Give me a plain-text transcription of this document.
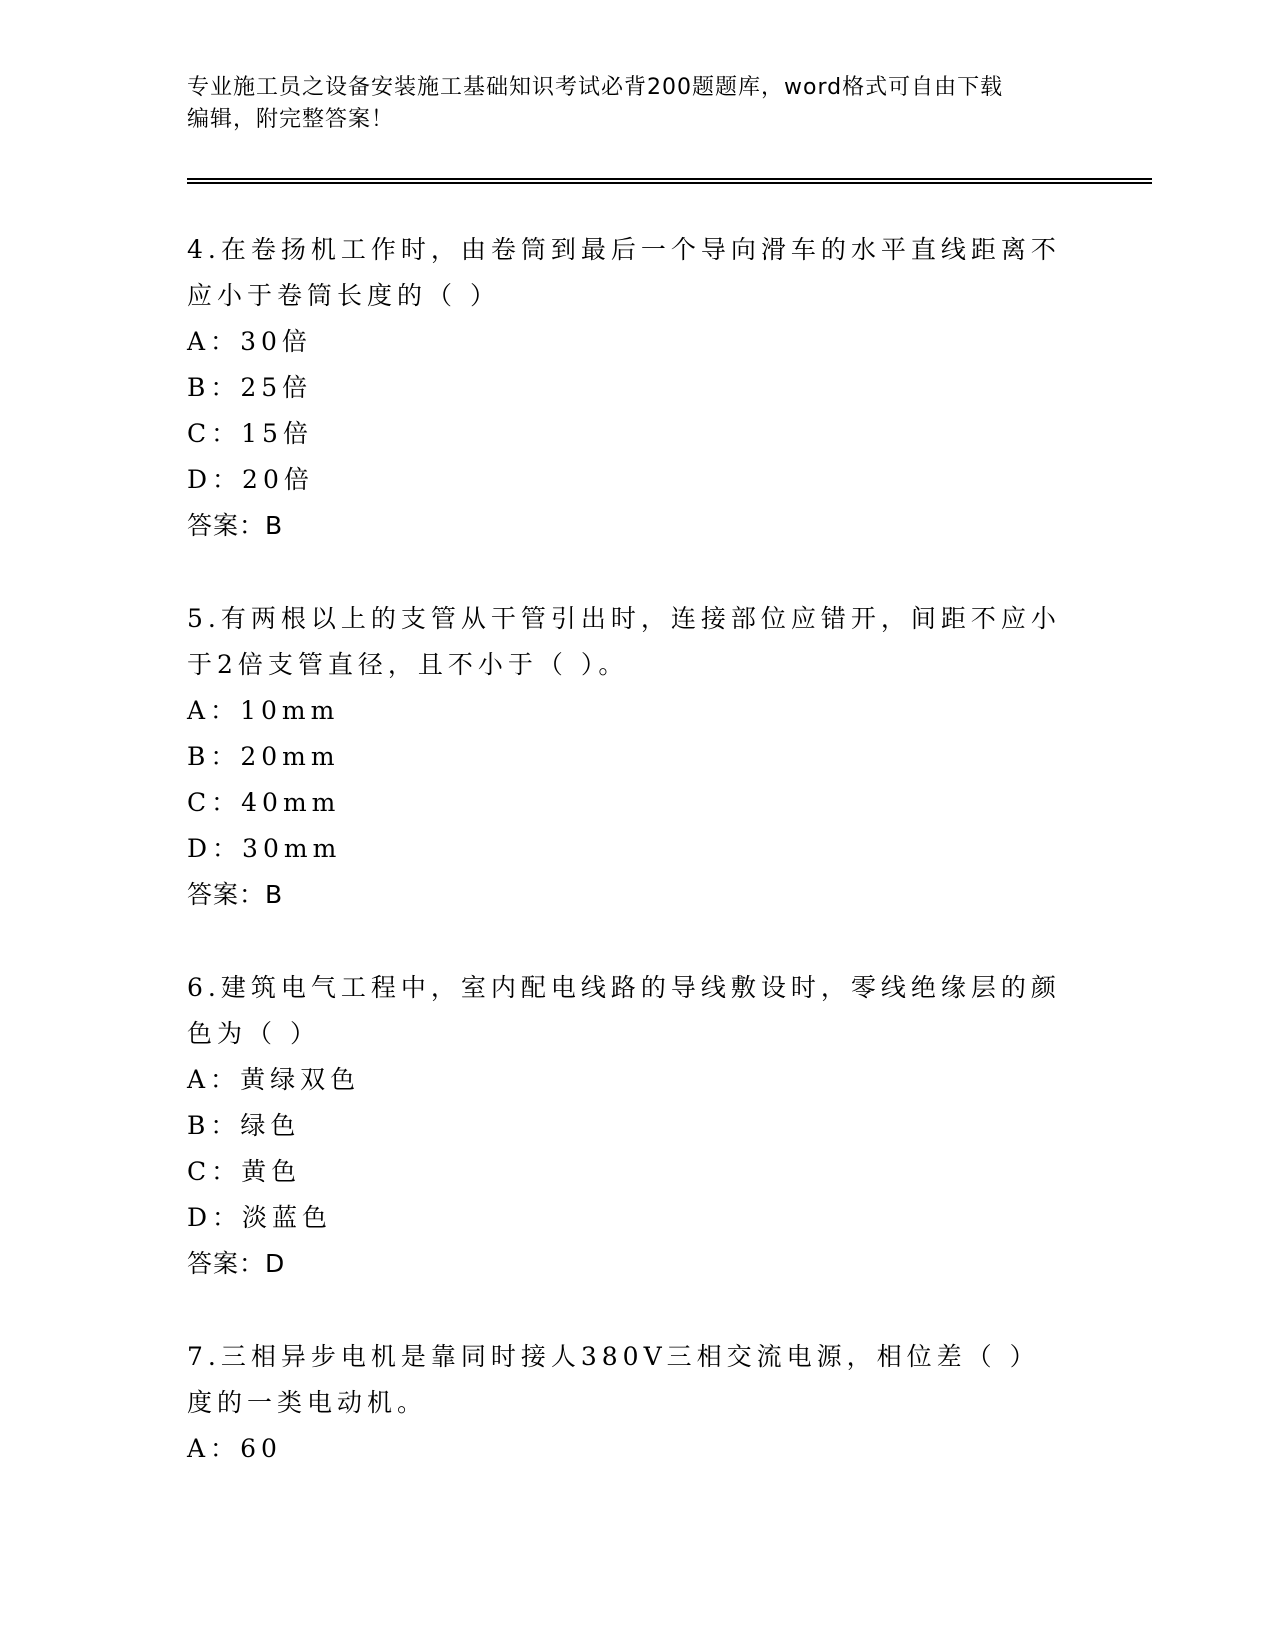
专业施工员之设备安装施工基础知识考试必背200题题库，word格式可自由下载
编辑，附完整答案！
4.在卷扬机工作时，由卷筒到最后一个导向滑车的水平直线距离不应小于卷筒长度的（ ）
A：30倍
B：25倍
C：15倍
D：20倍
答案：B
5.有两根以上的支管从干管引出时，连接部位应错开，间距不应小于2倍支管直径，且不小于（ ）。
A：10mm
B：20mm
C：40mm
D：30mm
答案：B
6.建筑电气工程中，室内配电线路的导线敷设时，零线绝缘层的颜色为（ ）
A：黄绿双色
B：绿色
C：黄色
D：淡蓝色
答案：D
7.三相异步电机是靠同时接人380V三相交流电源，相位差（ ）度的一类电动机。
A：60
